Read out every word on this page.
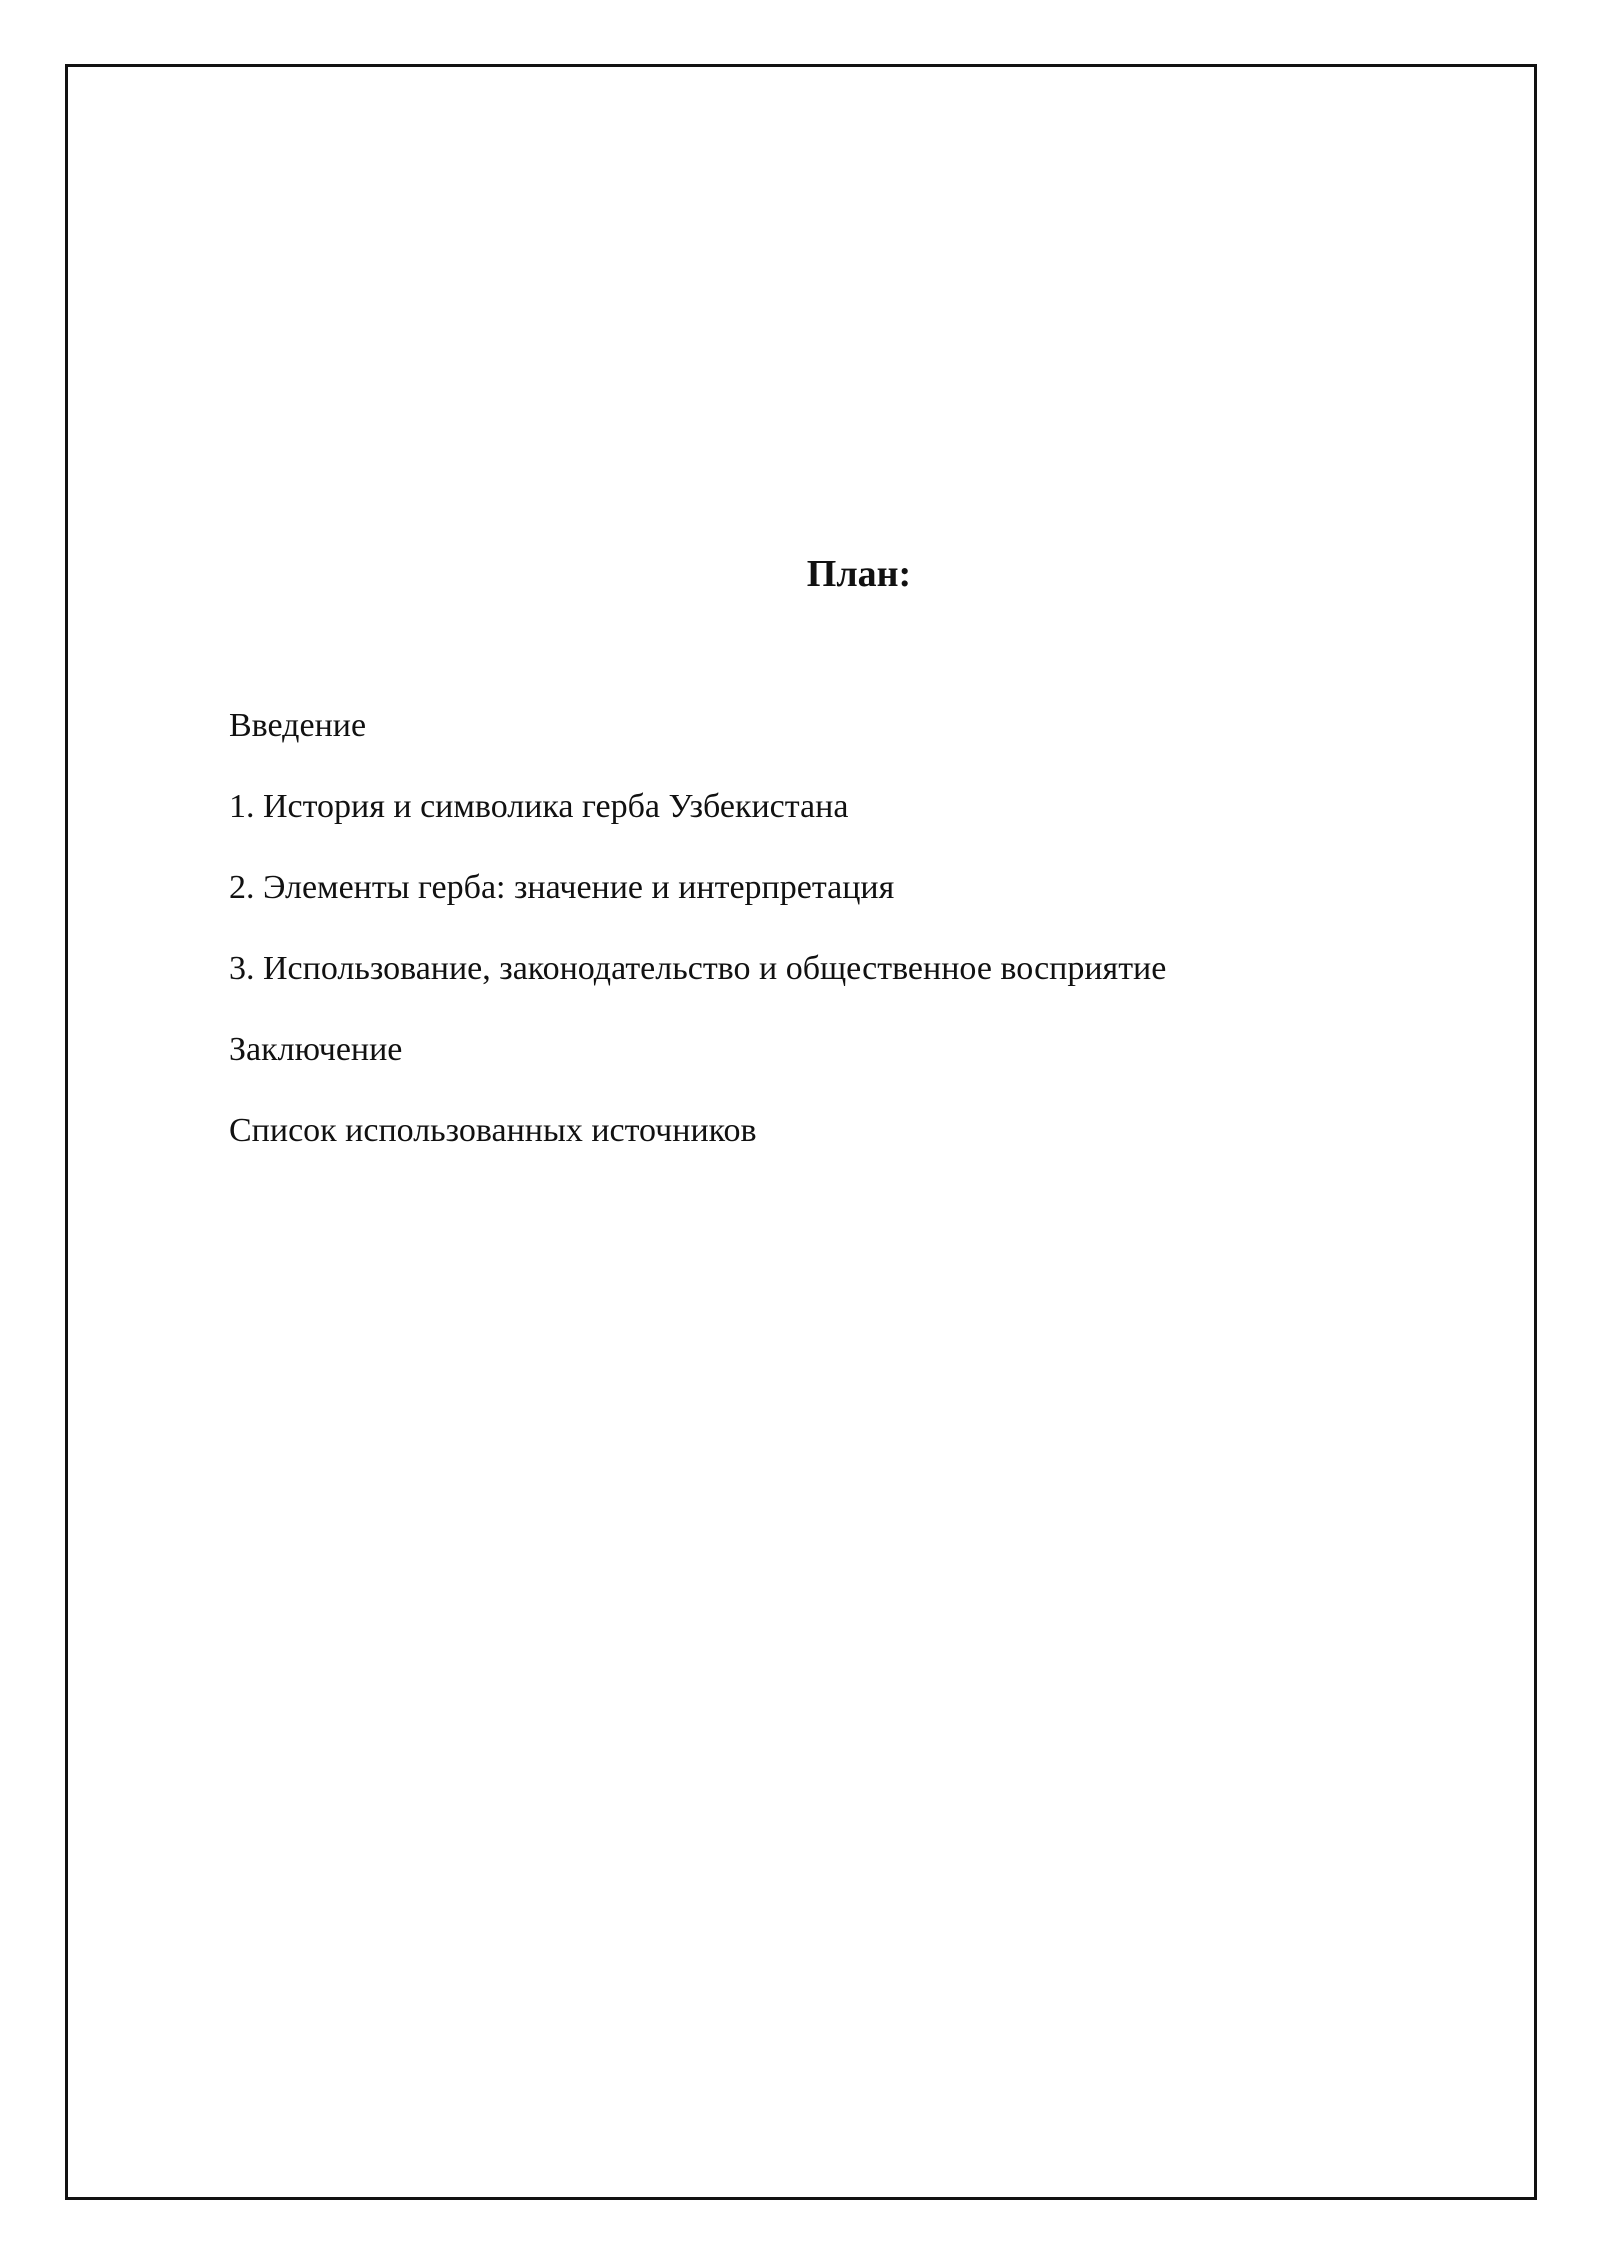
План:
Введение
1. История и символика герба Узбекистана
2. Элементы герба: значение и интерпретация
3. Использование, законодательство и общественное восприятие
Заключение
Список использованных источников
